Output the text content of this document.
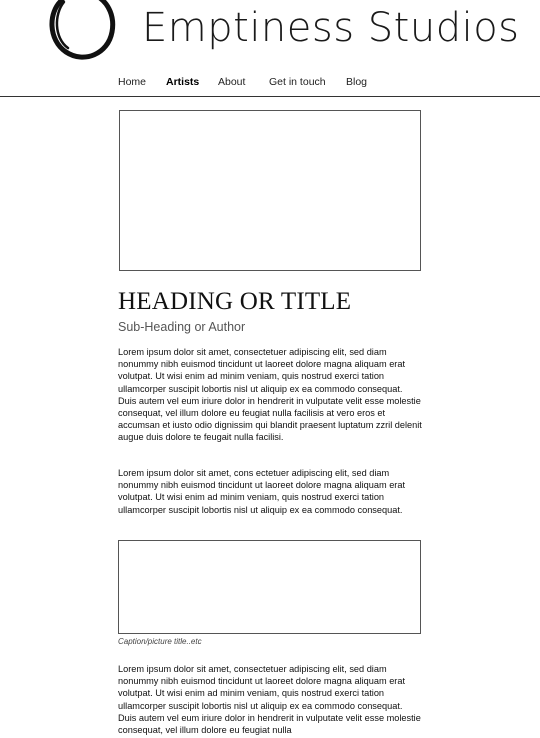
Emptiness Studios
Home Artists About Get in touch Blog
HEADING OR TITLE
Sub-Heading or Author

Lorem ipsum dolor sit amet, consectetuer adipiscing elit, sed diam nonummy nibh euismod tincidunt ut laoreet dolore magna aliquam erat volutpat. Ut wisi enim ad minim veniam, quis nostrud exerci tation ullamcorper suscipit lobortis nisl ut aliquip ex ea commodo consequat. Duis autem vel eum iriure dolor in hendrerit in vulputate velit esse molestie consequat, vel illum dolore eu feugiat nulla facilisis at vero eros et accumsan et iusto odio dignissim qui blandit praesent luptatum zzril delenit augue duis dolore te feugait nulla facilisi.

Lorem ipsum dolor sit amet, cons ectetuer adipiscing elit, sed diam nonummy nibh euismod tincidunt ut laoreet dolore magna aliquam erat volutpat. Ut wisi enim ad minim veniam, quis nostrud exerci tation ullamcorper suscipit lobortis nisl ut aliquip ex ea commodo consequat.

Caption/picture title..etc

Lorem ipsum dolor sit amet, consectetuer adipiscing elit, sed diam nonummy nibh euismod tincidunt ut laoreet dolore magna aliquam erat volutpat. Ut wisi enim ad minim veniam, quis nostrud exerci tation ullamcorper suscipit lobortis nisl ut aliquip ex ea commodo consequat. Duis autem vel eum iriure dolor in hendrerit in vulputate velit esse molestie consequat, vel illum dolore eu feugiat nulla
